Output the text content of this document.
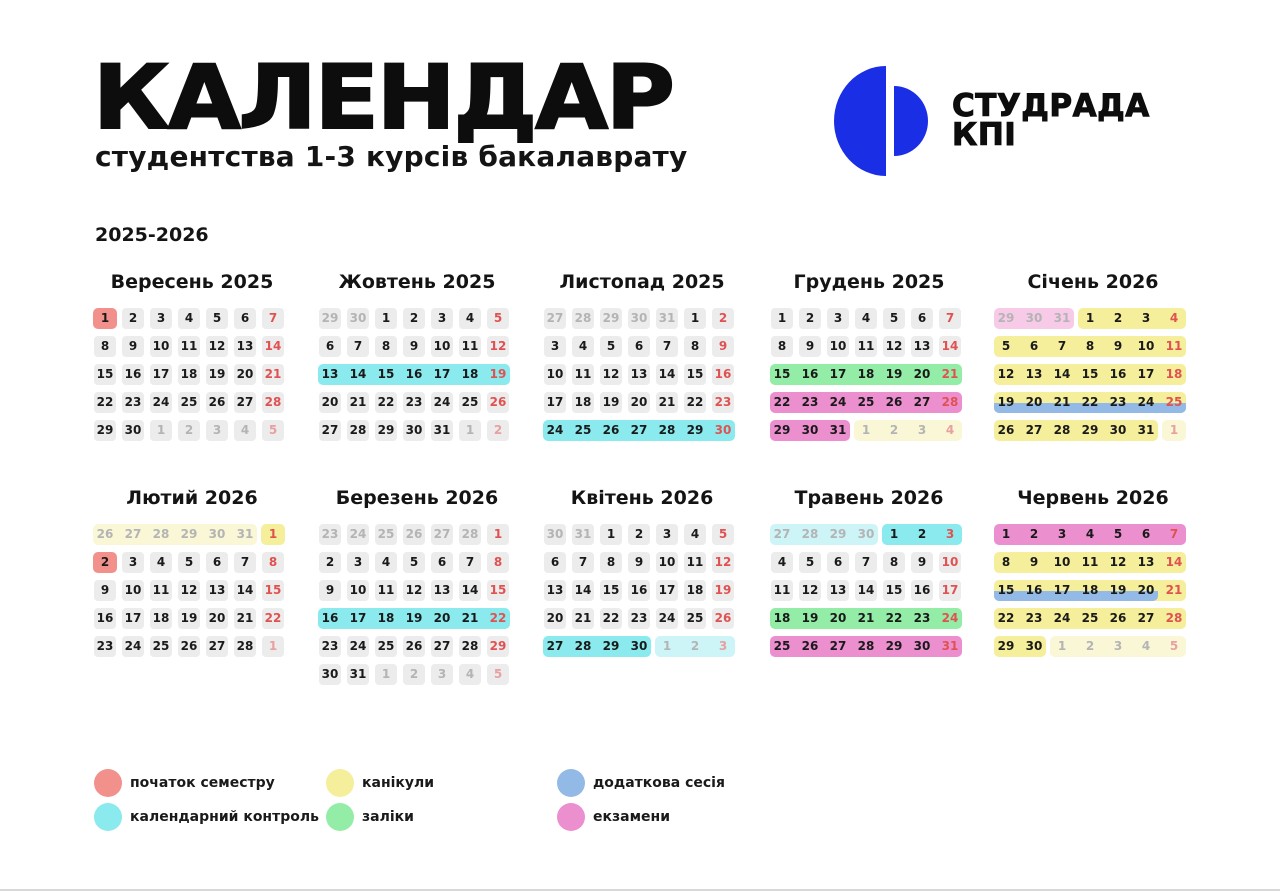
КАЛЕНДАР
студентства 1-3 курсів бакалаврату
СТУДРАДА
КПІ
2025-2026
Вересень 2025
1	2	3	4	5	6	7
8	9	10 11 12 13 14
15 16 17 18 19 20 21
22 23 24 25 26 27 28
29 30	1	2	3	4	5
Жовтень 2025
29 30	1	2	3	4	5
6	7	8	9	10 11 12
13 14 15 16 17 18 19
20 21 22 23 24 25 26
27 28 29 30 31	1	2
Листопад 2025
27 28 29 30 31	1	2
3	4	5	6	7	8	9
10 11 12 13 14 15 16
17 18 19 20 21 22 23
24 25 26 27 28 29 30
Грудень 2025
1	2	3	4	5	6	7
8	9	10 11 12 13 14
15 16 17 18 19 20 21
22 23 24 25 26 27 28
29 30 31	1	2	3	4
Січень 2026
29 30 31	1	2	3	4
5	6	7	8	9	10 11
12 13 14 15 16 17 18
19 20 21 22 23 24 25
26 27 28 29 30 31	1
Лютий 2026
26 27 28 29 30 31	1
2	3	4	5	6	7	8
9	10 11 12 13 14 15
16 17 18 19 20 21 22
23 24 25 26 27 28	1
Березень 2026
23 24 25 26 27 28	1
2	3	4	5	6	7	8
9	10 11 12 13 14 15
16 17 18 19 20 21 22
23 24 25 26 27 28 29
30 31	1	2	3	4	5
Квітень 2026
30 31	1	2	3	4	5
6	7	8	9	10 11 12
13 14 15 16 17 18 19
20 21 22 23 24 25 26
27 28 29 30	1	2	3
Травень 2026
27 28 29 30	1	2	3
4	5	6	7	8	9	10
11 12 13 14 15 16 17
18 19 20 21 22 23 24
25 26 27 28 29 30 31
Червень 2026
1	2	3	4	5	6	7
8	9	10 11 12 13 14
15 16 17 18 19 20 21
22 23 24 25 26 27 28
29 30	1	2	3	4	5
початок семестру
календарний контроль
канікули
заліки
додаткова сесія
екзамени
